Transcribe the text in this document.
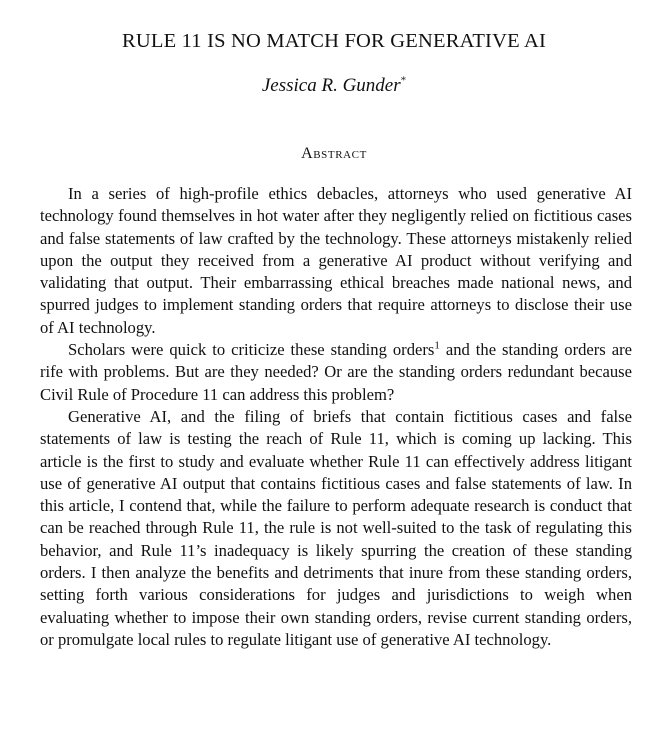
RULE 11 IS NO MATCH FOR GENERATIVE AI
Jessica R. Gunder*
Abstract

In a series of high-profile ethics debacles, attorneys who used generative AI technology found themselves in hot water after they negligently relied on fictitious cases and false statements of law crafted by the technology. These attorneys mistakenly relied upon the output they received from a generative AI product without verifying and validating that output. Their embarrassing ethical breaches made national news, and spurred judges to implement standing orders that require attorneys to disclose their use of AI technology.

Scholars were quick to criticize these standing orders$^1$ and the standing orders are rife with problems. But are they needed? Or are the standing orders redundant because Civil Rule of Procedure 11 can address this problem?

Generative AI, and the filing of briefs that contain fictitious cases and false statements of law is testing the reach of Rule 11, which is coming up lacking. This article is the first to study and evaluate whether Rule 11 can effectively address litigant use of generative AI output that contains fictitious cases and false statements of law. In this article, I contend that, while the failure to perform adequate research is conduct that can be reached through Rule 11, the rule is not well-suited to the task of regulating this behavior, and Rule 11’s inadequacy is likely spurring the creation of these standing orders. I then analyze the benefits and detriments that inure from these standing orders, setting forth various considerations for judges and jurisdictions to weigh when evaluating whether to impose their own standing orders, revise current standing orders, or promulgate local rules to regulate litigant use of generative AI technology.
